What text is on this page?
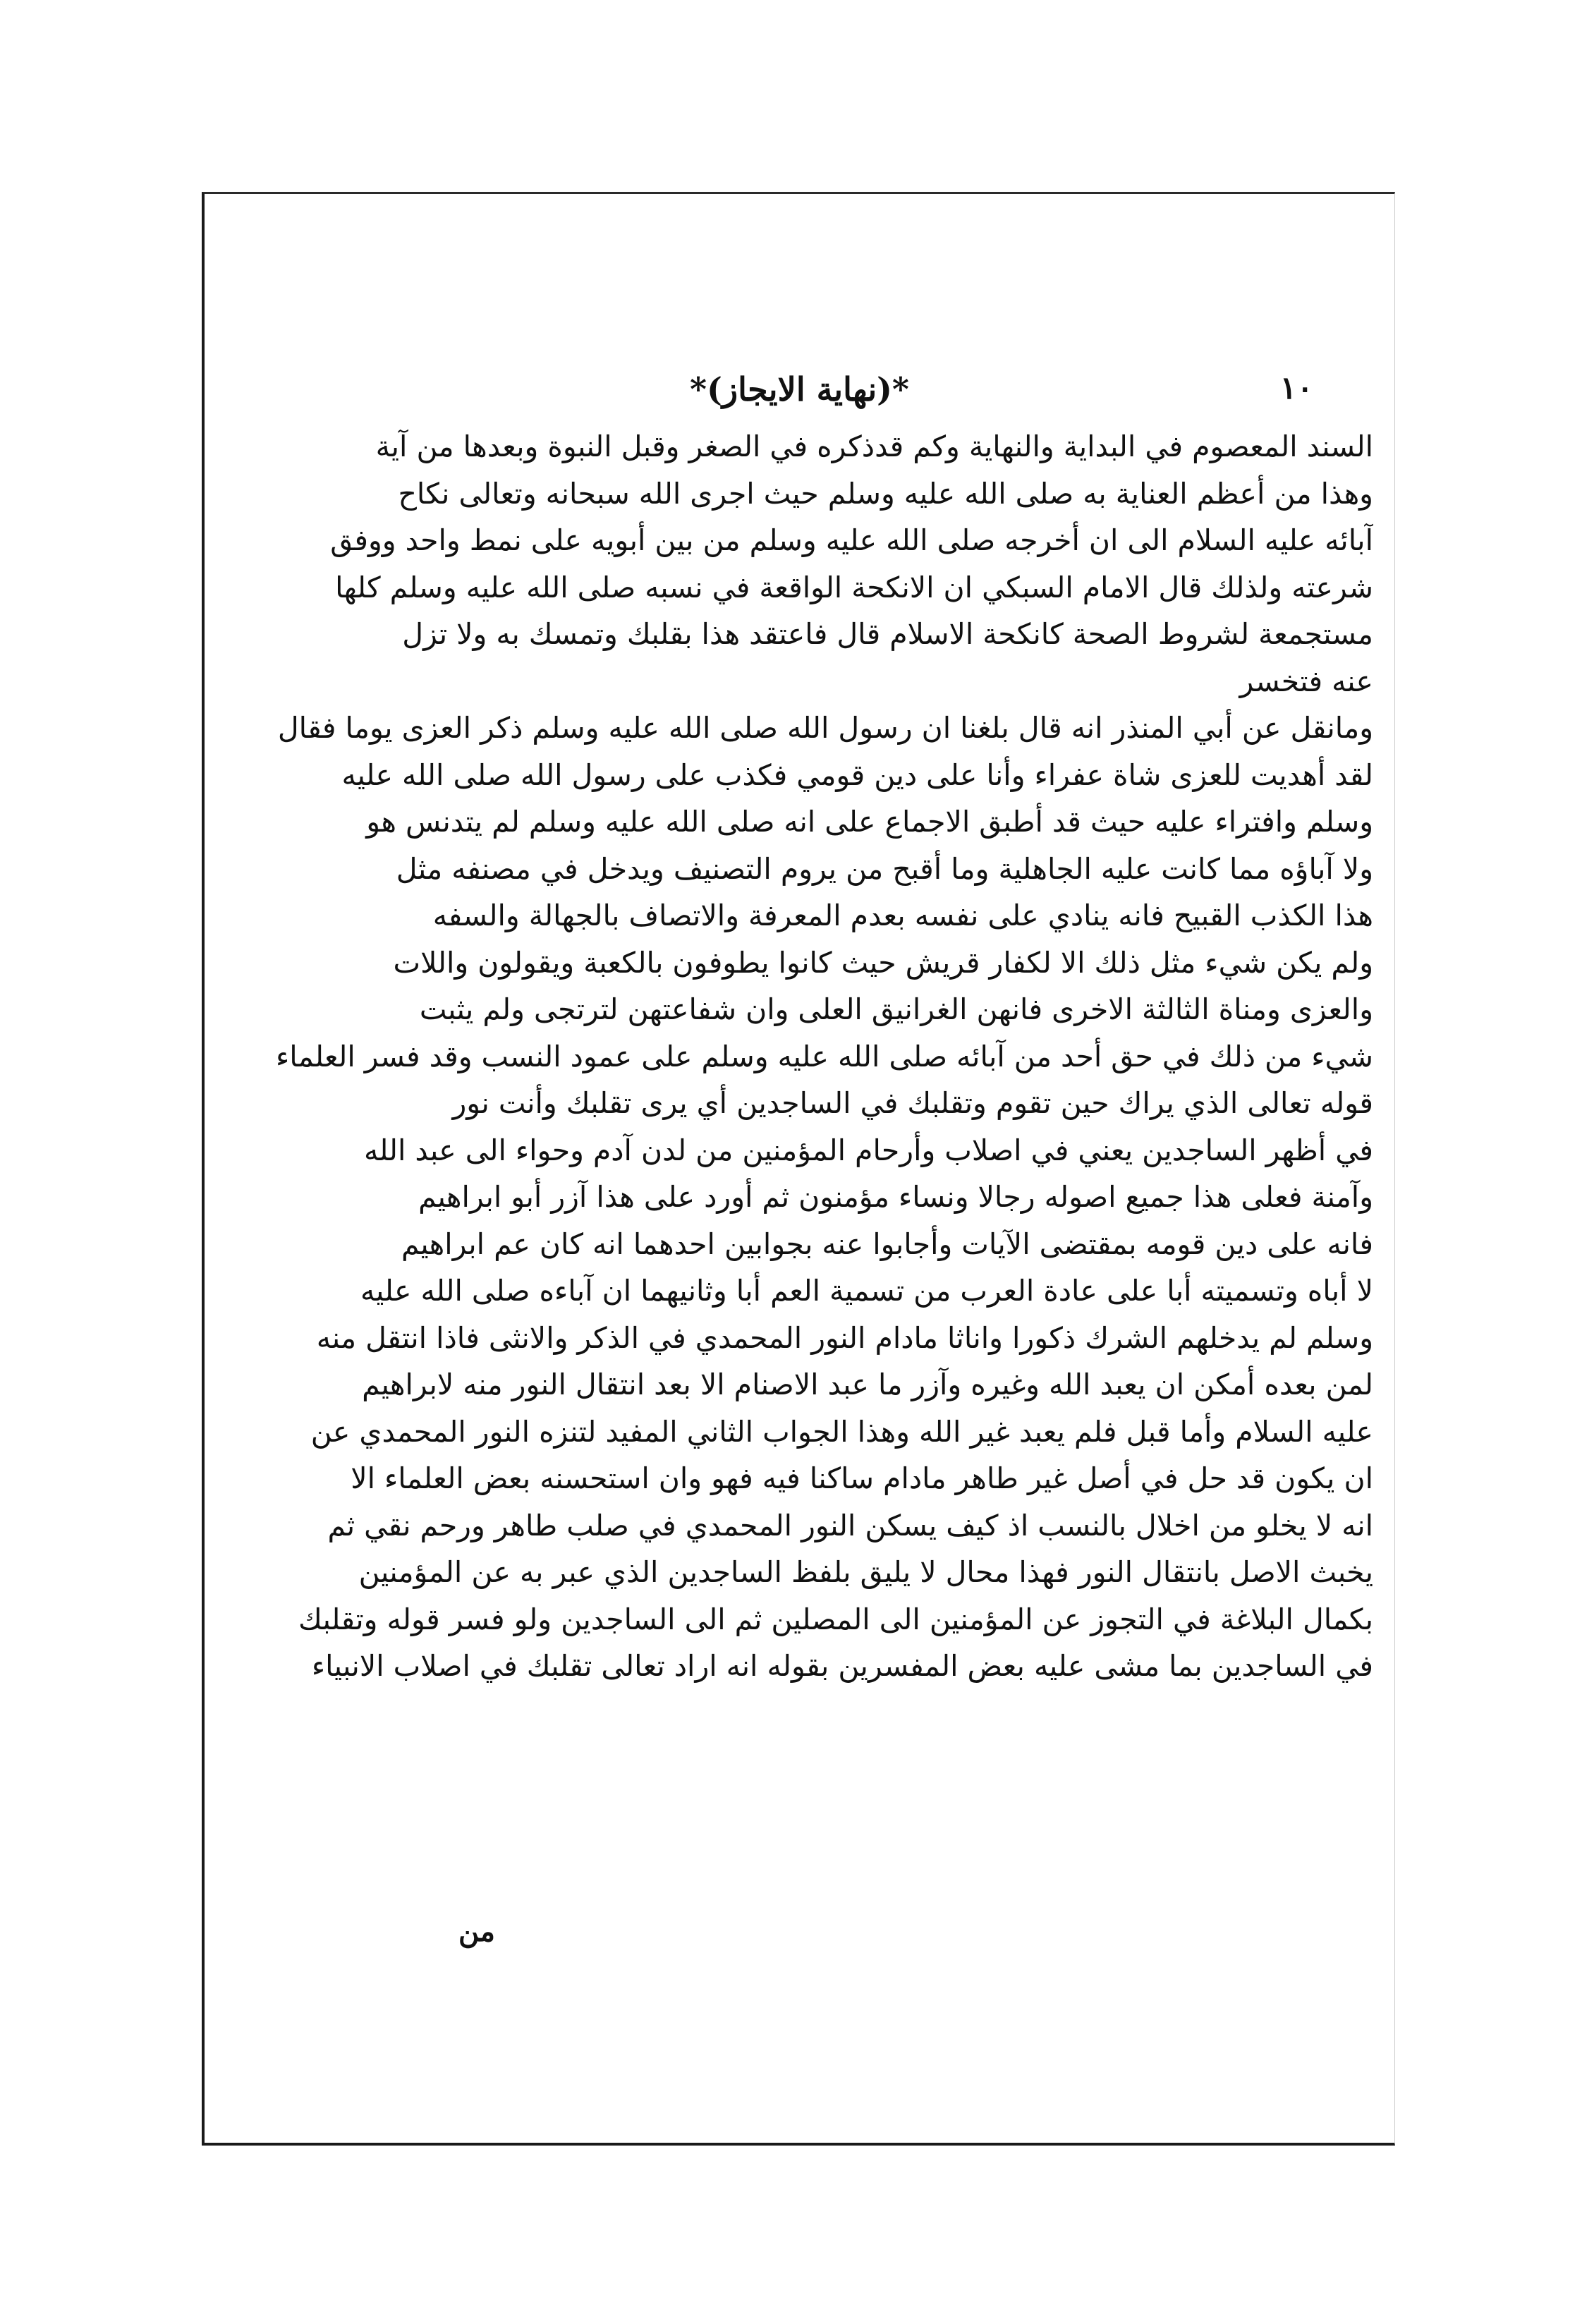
١٠
*(نهاية الايجاز)*
السند المعصوم في البداية والنهاية وكم قدذكره في الصغر وقبل النبوة وبعدها من آية
وهذا من أعظم العناية به صلى الله عليه وسلم حيث اجرى الله سبحانه وتعالى نكاح
آبائه عليه السلام الى ان أخرجه صلى الله عليه وسلم من بين أبويه على نمط واحد ووفق
شرعته ولذلك قال الامام السبكي ان الانكحة الواقعة في نسبه صلى الله عليه وسلم كلها
مستجمعة لشروط الصحة كانكحة الاسلام قال فاعتقد هذا بقلبك وتمسك به ولا تزل
عنه فتخسر
ومانقل عن أبي المنذر انه قال بلغنا ان رسول الله صلى الله عليه وسلم ذكر العزى يوما فقال
لقد أهديت للعزى شاة عفراء وأنا على دين قومي فكذب على رسول الله صلى الله عليه
وسلم وافتراء عليه حيث قد أطبق الاجماع على انه صلى الله عليه وسلم لم يتدنس هو
ولا آباؤه مما كانت عليه الجاهلية وما أقبح من يروم التصنيف ويدخل في مصنفه مثل
هذا الكذب القبيح فانه ينادي على نفسه بعدم المعرفة والاتصاف بالجهالة والسفه
ولم يكن شيء مثل ذلك الا لكفار قريش حيث كانوا يطوفون بالكعبة ويقولون واللات
والعزى ومناة الثالثة الاخرى فانهن الغرانيق العلى وان شفاعتهن لترتجى ولم يثبت
شيء من ذلك في حق أحد من آبائه صلى الله عليه وسلم على عمود النسب وقد فسر العلماء
قوله تعالى الذي يراك حين تقوم وتقلبك في الساجدين أي يرى تقلبك وأنت نور
في أظهر الساجدين يعني في اصلاب وأرحام المؤمنين من لدن آدم وحواء الى عبد الله
وآمنة فعلى هذا جميع اصوله رجالا ونساء مؤمنون ثم أورد على هذا آزر أبو ابراهيم
فانه على دين قومه بمقتضى الآيات وأجابوا عنه بجوابين احدهما انه كان عم ابراهيم
لا أباه وتسميته أبا على عادة العرب من تسمية العم أبا وثانيهما ان آباءه صلى الله عليه
وسلم لم يدخلهم الشرك ذكورا واناثا مادام النور المحمدي في الذكر والانثى فاذا انتقل منه
لمن بعده أمكن ان يعبد الله وغيره وآزر ما عبد الاصنام الا بعد انتقال النور منه لابراهيم
عليه السلام وأما قبل فلم يعبد غير الله وهذا الجواب الثاني المفيد لتنزه النور المحمدي عن
ان يكون قد حل في أصل غير طاهر مادام ساكنا فيه فهو وان استحسنه بعض العلماء الا
انه لا يخلو من اخلال بالنسب اذ كيف يسكن النور المحمدي في صلب طاهر ورحم نقي ثم
يخبث الاصل بانتقال النور فهذا محال لا يليق بلفظ الساجدين الذي عبر به عن المؤمنين
بكمال البلاغة في التجوز عن المؤمنين الى المصلين ثم الى الساجدين ولو فسر قوله وتقلبك
في الساجدين بما مشى عليه بعض المفسرين بقوله انه اراد تعالى تقلبك في اصلاب الانبياء
من
